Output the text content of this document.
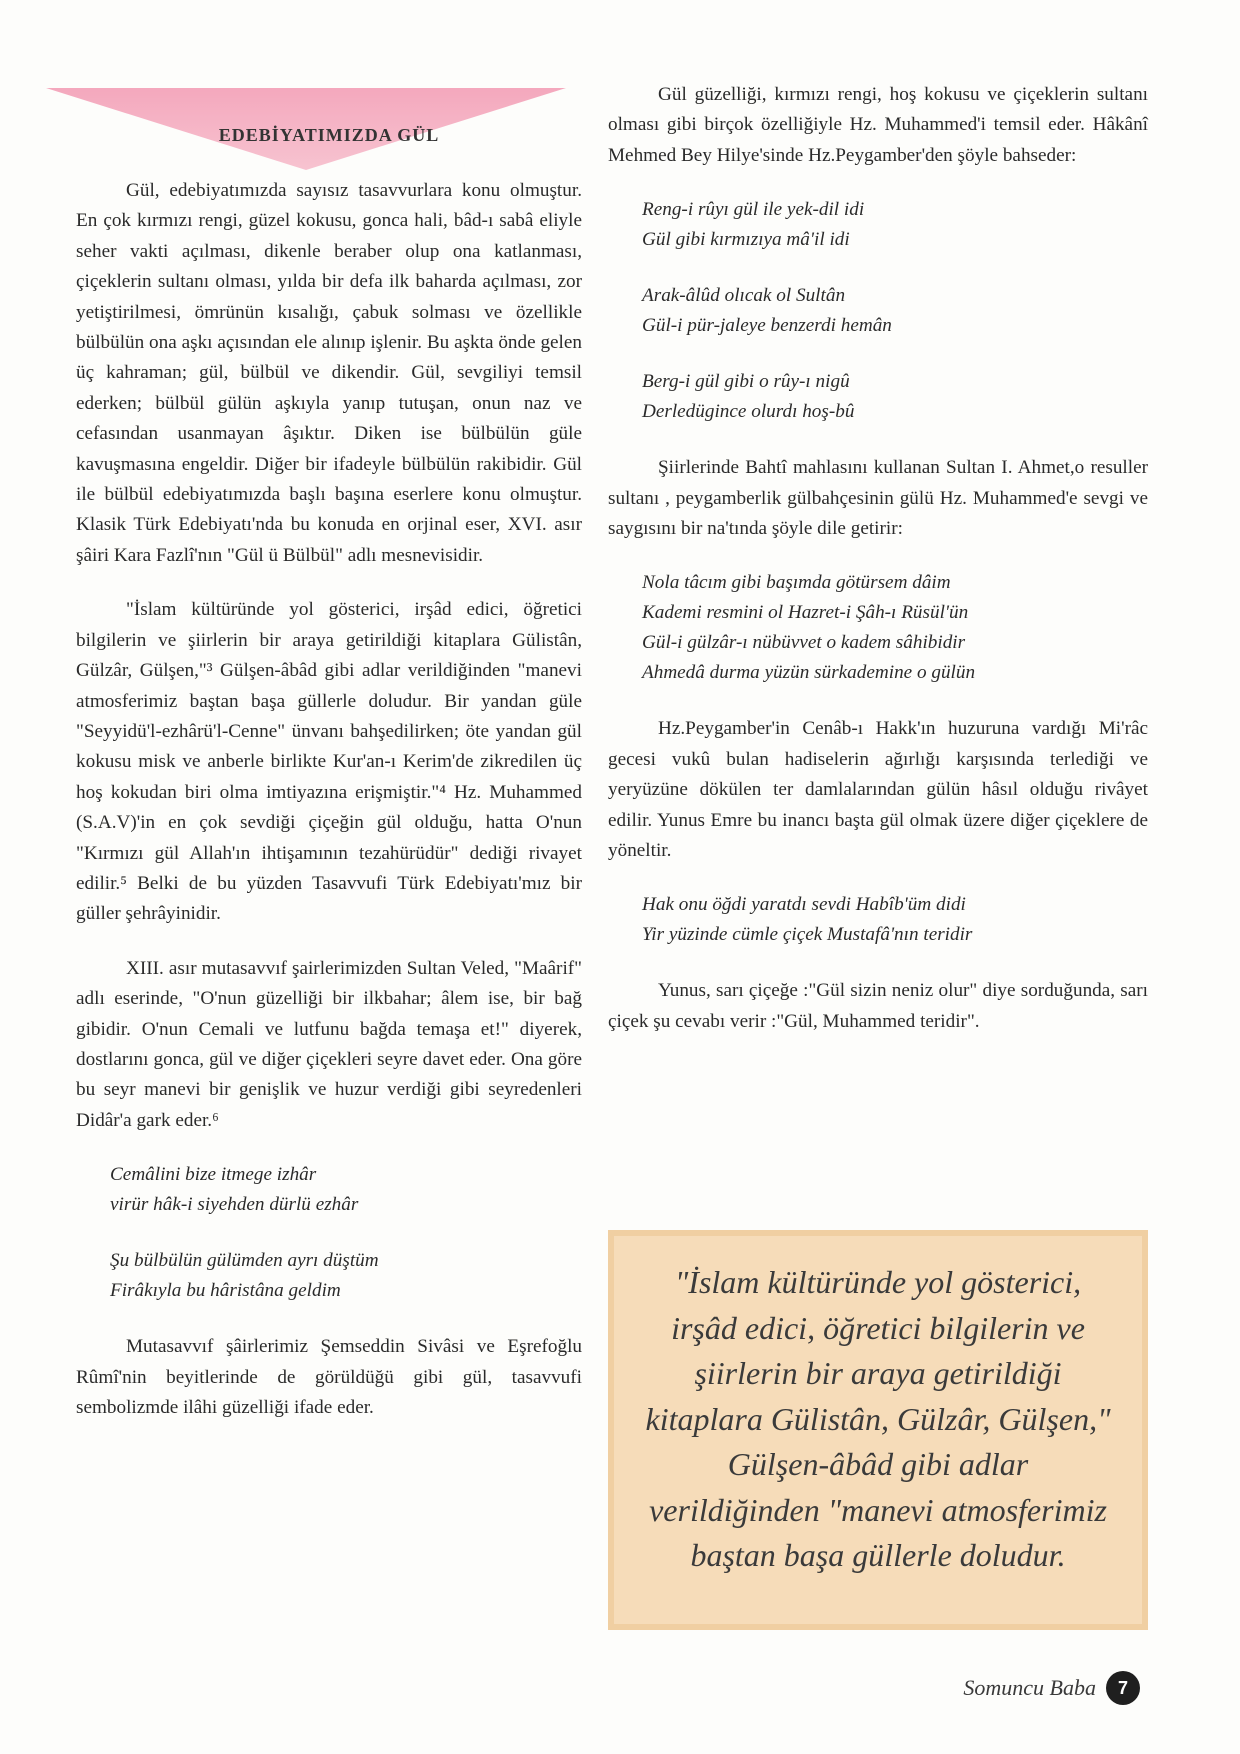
EDEBİYATIMIZDA GÜL

Gül, edebiyatımızda sayısız tasavvurlara konu olmuştur. En çok kırmızı rengi, güzel kokusu, gonca hali, bâd-ı sabâ eliyle seher vakti açılması, dikenle beraber olup ona katlanması, çiçeklerin sultanı olması, yılda bir defa ilk baharda açılması, zor yetiştirilmesi, ömrünün kısalığı, çabuk solması ve özellikle bülbülün ona aşkı açısından ele alınıp işlenir. Bu aşkta önde gelen üç kahraman; gül, bülbül ve dikendir. Gül, sevgiliyi temsil ederken; bülbül gülün aşkıyla yanıp tutuşan, onun naz ve cefasından usanmayan âşıktır. Diken ise bülbülün güle kavuşmasına engeldir. Diğer bir ifadeyle bülbülün rakibidir. Gül ile bülbül edebiyatımızda başlı başına eserlere konu olmuştur. Klasik Türk Edebiyatı'nda bu konuda en orjinal eser, XVI. asır şâiri Kara Fazlî'nın "Gül ü Bülbül" adlı mesnevisidir.

"İslam kültüründe yol gösterici, irşâd edici, öğretici bilgilerin ve şiirlerin bir araya getirildiği kitaplara Gülistân, Gülzâr, Gülşen,"³ Gülşen-âbâd gibi adlar verildiğinden "manevi atmosferimiz baştan başa güllerle doludur. Bir yandan güle "Seyyidü'l-ezhârü'l-Cenne" ünvanı bahşedilirken; öte yandan gül kokusu misk ve anberle birlikte Kur'an-ı Kerim'de zikredilen üç hoş kokudan biri olma imtiyazına erişmiştir."⁴ Hz. Muhammed (S.A.V)'in en çok sevdiği çiçeğin gül olduğu, hatta O'nun "Kırmızı gül Allah'ın ihtişamının tezahürüdür" dediği rivayet edilir.⁵ Belki de bu yüzden Tasavvufi Türk Edebiyatı'mız bir güller şehrâyinidir.

XIII. asır mutasavvıf şairlerimizden Sultan Veled, "Maârif" adlı eserinde, "O'nun güzelliği bir ilkbahar; âlem ise, bir bağ gibidir. O'nun Cemali ve lutfunu bağda temaşa et!" diyerek, dostlarını gonca, gül ve diğer çiçekleri seyre davet eder. Ona göre bu seyr manevi bir genişlik ve huzur verdiği gibi seyredenleri Didâr'a gark eder.⁶

Cemâlini bize itmege izhâr
virür hâk-i siyehden dürlü ezhâr
Şu bülbülün gülümden ayrı düştüm
Firâkıyla bu hâristâna geldim

Mutasavvıf şâirlerimiz Şemseddin Sivâsi ve Eşrefoğlu Rûmî'nin beyitlerinde de görüldüğü gibi gül, tasavvufi sembolizmde ilâhi güzelliği ifade eder.

Gül güzelliği, kırmızı rengi, hoş kokusu ve çiçeklerin sultanı olması gibi birçok özelliğiyle Hz. Muhammed'i temsil eder. Hâkânî Mehmed Bey Hilye'sinde Hz.Peygamber'den şöyle bahseder:

Reng-i rûyı gül ile yek-dil idi
Gül gibi kırmızıya mâ'il idi
Arak-âlûd olıcak ol Sultân
Gül-i pür-jaleye benzerdi hemân
Berg-i gül gibi o rûy-ı nigû
Derledügince olurdı hoş-bû

Şiirlerinde Bahtî mahlasını kullanan Sultan I. Ahmet,o resuller sultanı , peygamberlik gülbahçesinin gülü Hz. Muhammed'e sevgi ve saygısını bir na'tında şöyle dile getirir:

Nola tâcım gibi başımda götürsem dâim
Kademi resmini ol Hazret-i Şâh-ı Rüsül'ün
Gül-i gülzâr-ı nübüvvet o kadem sâhibidir
Ahmedâ durma yüzün sürkademine o gülün

Hz.Peygamber'in Cenâb-ı Hakk'ın huzuruna vardığı Mi'râc gecesi vukû bulan hadiselerin ağırlığı karşısında terlediği ve yeryüzüne dökülen ter damlalarından gülün hâsıl olduğu rivâyet edilir. Yunus Emre bu inancı başta gül olmak üzere diğer çiçeklere de yöneltir.

Hak onu öğdi yaratdı sevdi Habîb'üm didi
Yir yüzinde cümle çiçek Mustafâ'nın teridir

Yunus, sarı çiçeğe :"Gül sizin neniz olur" diye sorduğunda, sarı çiçek şu cevabı verir :"Gül, Muhammed teridir".

"İslam kültüründe yol gösterici, irşâd edici, öğretici bilgilerin ve şiirlerin bir araya getirildiği kitaplara Gülistân, Gülzâr, Gülşen," Gülşen-âbâd gibi adlar verildiğinden "manevi atmosferimiz baştan başa güllerle doludur.
Somuncu Baba	7
